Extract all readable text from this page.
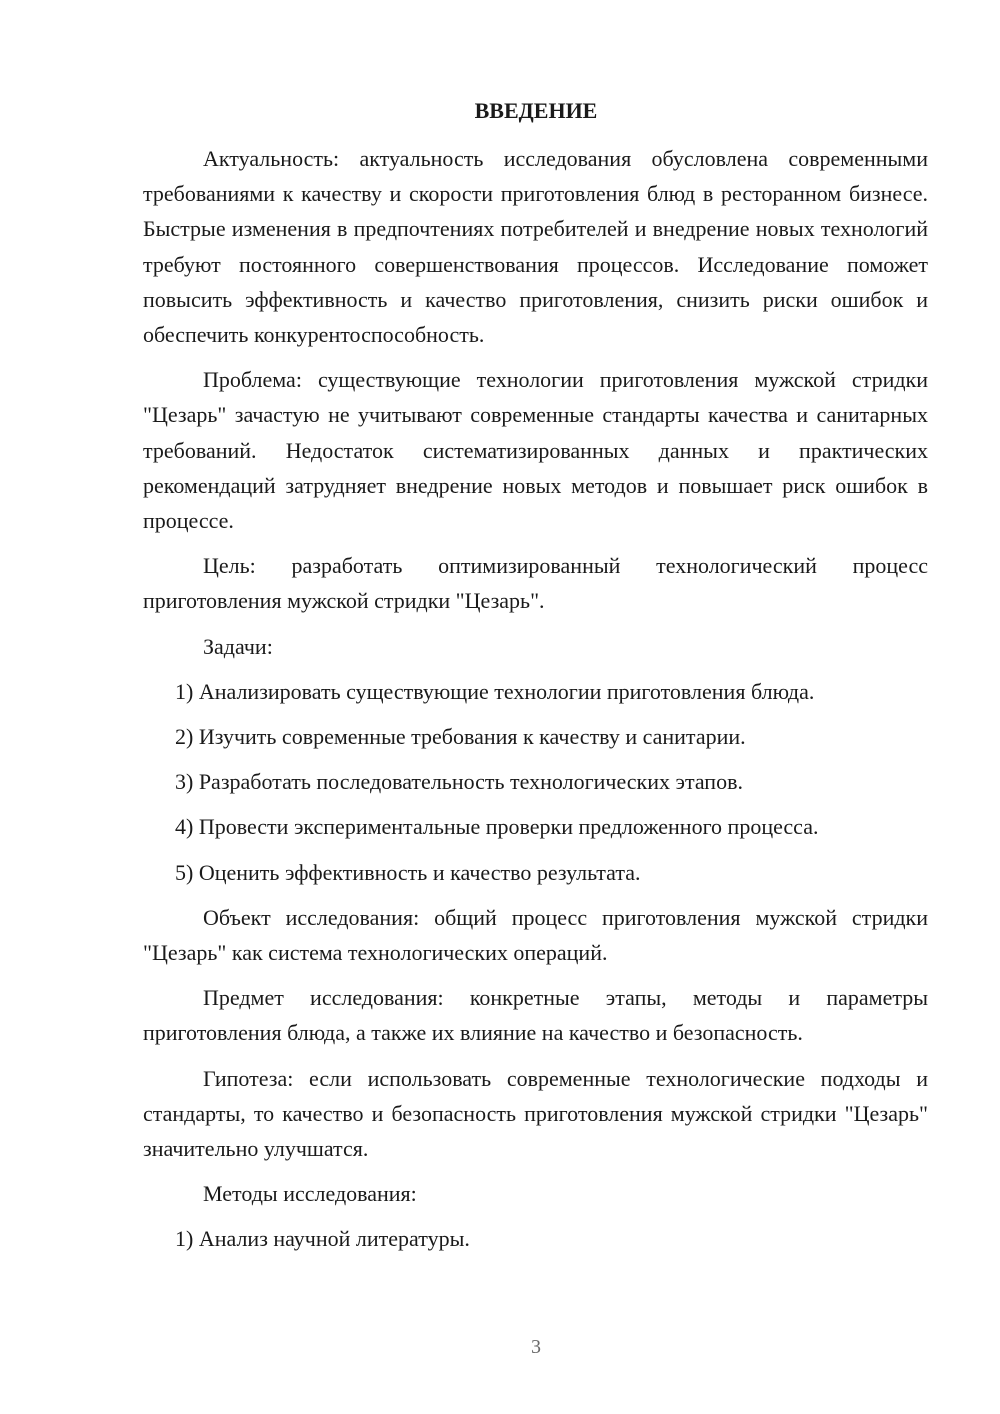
ВВЕДЕНИЕ

Актуальность: актуальность исследования обусловлена современными требованиями к качеству и скорости приготовления блюд в ресторанном бизнесе. Быстрые изменения в предпочтениях потребителей и внедрение новых технологий требуют постоянного совершенствования процессов. Исследование поможет повысить эффективность и качество приготовления, снизить риски ошибок и обеспечить конкурентоспособность.

Проблема: существующие технологии приготовления мужской стридки "Цезарь" зачастую не учитывают современные стандарты качества и санитарных требований. Недостаток систематизированных данных и практических рекомендаций затрудняет внедрение новых методов и повышает риск ошибок в процессе.

Цель: разработать оптимизированный технологический процесс приготовления мужской стридки "Цезарь".

Задачи:

1) Анализировать существующие технологии приготовления блюда.

2) Изучить современные требования к качеству и санитарии.

3) Разработать последовательность технологических этапов.

4) Провести экспериментальные проверки предложенного процесса.

5) Оценить эффективность и качество результата.

Объект исследования: общий процесс приготовления мужской стридки "Цезарь" как система технологических операций.

Предмет исследования: конкретные этапы, методы и параметры приготовления блюда, а также их влияние на качество и безопасность.

Гипотеза: если использовать современные технологические подходы и стандарты, то качество и безопасность приготовления мужской стридки "Цезарь" значительно улучшатся.

Методы исследования:

1) Анализ научной литературы.

3
